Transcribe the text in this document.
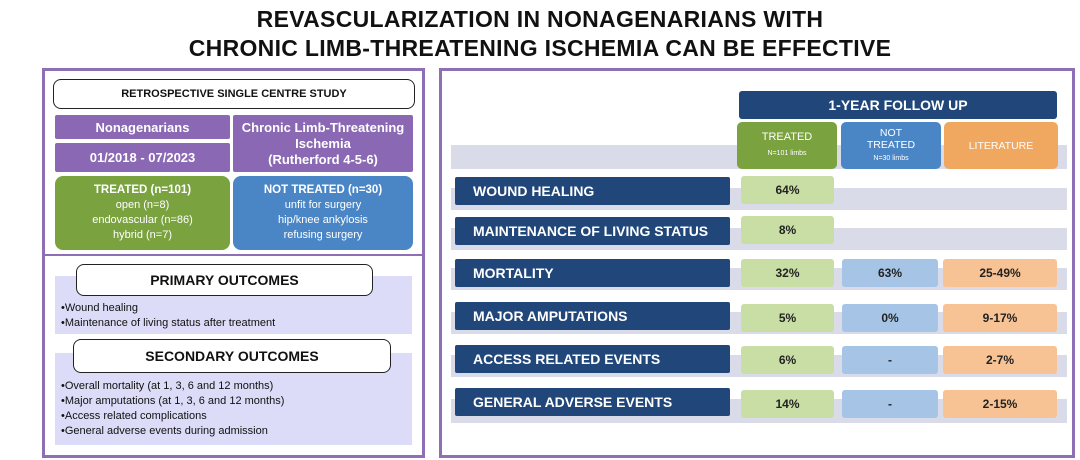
REVASCULARIZATION IN NONAGENARIANS WITH
CHRONIC LIMB-THREATENING ISCHEMIA CAN BE EFFECTIVE
RETROSPECTIVE SINGLE CENTRE STUDY
Nonagenarians
01/2018 - 07/2023
Chronic Limb-Threatening
Ischemia
(Rutherford 4-5-6)
TREATED (n=101)
open (n=8)
endovascular (n=86)
hybrid (n=7)
NOT TREATED (n=30)
unfit for surgery
hip/knee ankylosis
refusing surgery
PRIMARY OUTCOMES
•Wound healing
•Maintenance of living status after treatment
SECONDARY OUTCOMES
•Overall mortality (at 1, 3, 6 and 12 months)
•Major amputations (at 1, 3, 6 and 12 months)
•Access related complications
•General adverse events during admission
1-YEAR FOLLOW UP
TREATED
N=101 limbs
NOT
TREATED
N=30 limbs
LITERATURE
WOUND HEALING	64%
MAINTENANCE OF LIVING STATUS	8%
MORTALITY	32%	63%	25-49%
MAJOR AMPUTATIONS	5%	0%	9-17%
ACCESS RELATED EVENTS	6%	-	2-7%
GENERAL ADVERSE EVENTS	14%	-	2-15%
